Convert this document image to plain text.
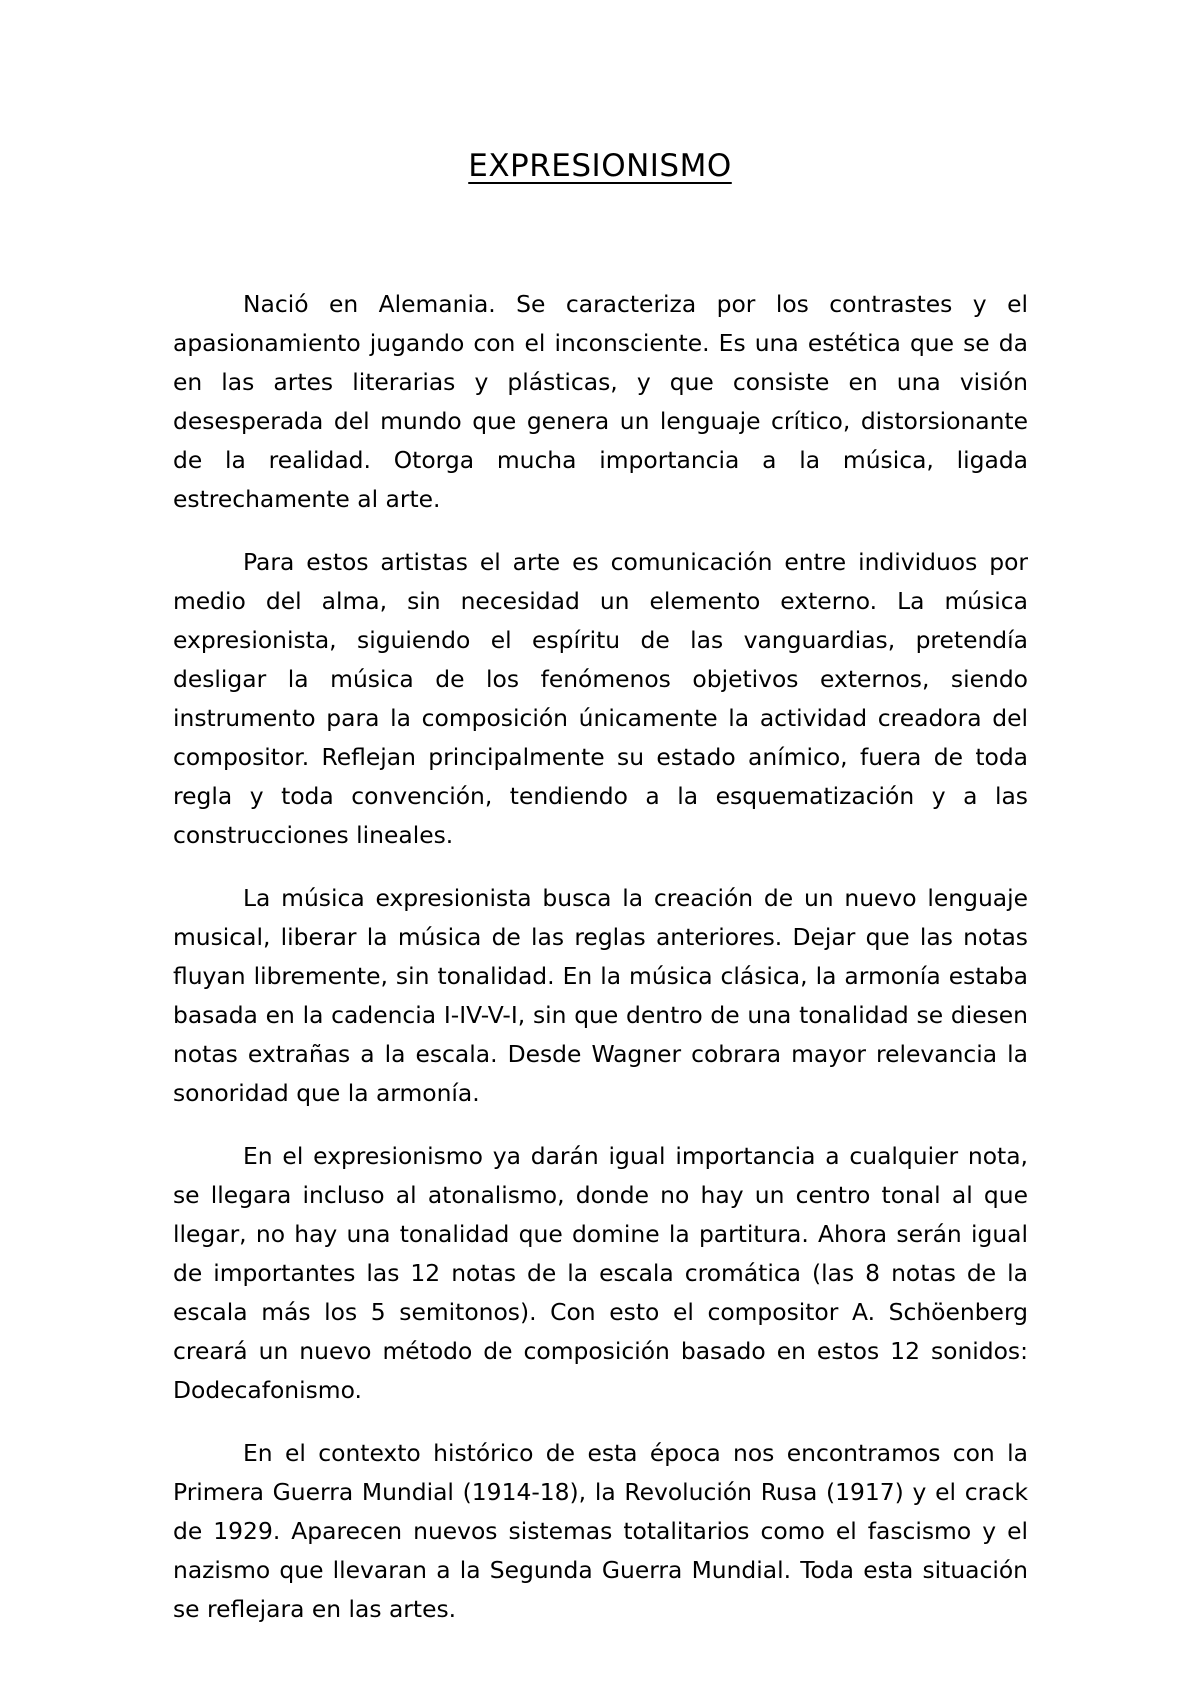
EXPRESIONISMO

Nació en Alemania. Se caracteriza por los contrastes y el apasionamiento jugando con el inconsciente. Es una estética que se da en las artes literarias y plásticas, y que consiste en una visión desesperada del mundo que genera un lenguaje crítico, distorsionante de la realidad. Otorga mucha importancia a la música, ligada estrechamente al arte.

Para estos artistas el arte es comunicación entre individuos por medio del alma, sin necesidad un elemento externo. La música expresionista, siguiendo el espíritu de las vanguardias, pretendía desligar la música de los fenómenos objetivos externos, siendo instrumento para la composición únicamente la actividad creadora del compositor. Reflejan principalmente su estado anímico, fuera de toda regla y toda convención, tendiendo a la esquematización y a las construcciones lineales.

La música expresionista busca la creación de un nuevo lenguaje musical, liberar la música de las reglas anteriores. Dejar que las notas fluyan libremente, sin tonalidad. En la música clásica, la armonía estaba basada en la cadencia I-IV-V-I, sin que dentro de una tonalidad se diesen notas extrañas a la escala. Desde Wagner cobrara mayor relevancia la sonoridad que la armonía.

En el expresionismo ya darán igual importancia a cualquier nota, se llegara incluso al atonalismo, donde no hay un centro tonal al que llegar, no hay una tonalidad que domine la partitura. Ahora serán igual de importantes las 12 notas de la escala cromática (las 8 notas de la escala más los 5 semitonos). Con esto el compositor A. Schöenberg creará un nuevo método de composición basado en estos 12 sonidos: Dodecafonismo.

En el contexto histórico de esta época nos encontramos con la Primera Guerra Mundial (1914-18), la Revolución Rusa (1917) y el crack de 1929. Aparecen nuevos sistemas totalitarios como el fascismo y el nazismo que llevaran a la Segunda Guerra Mundial. Toda esta situación se reflejara en las artes.
